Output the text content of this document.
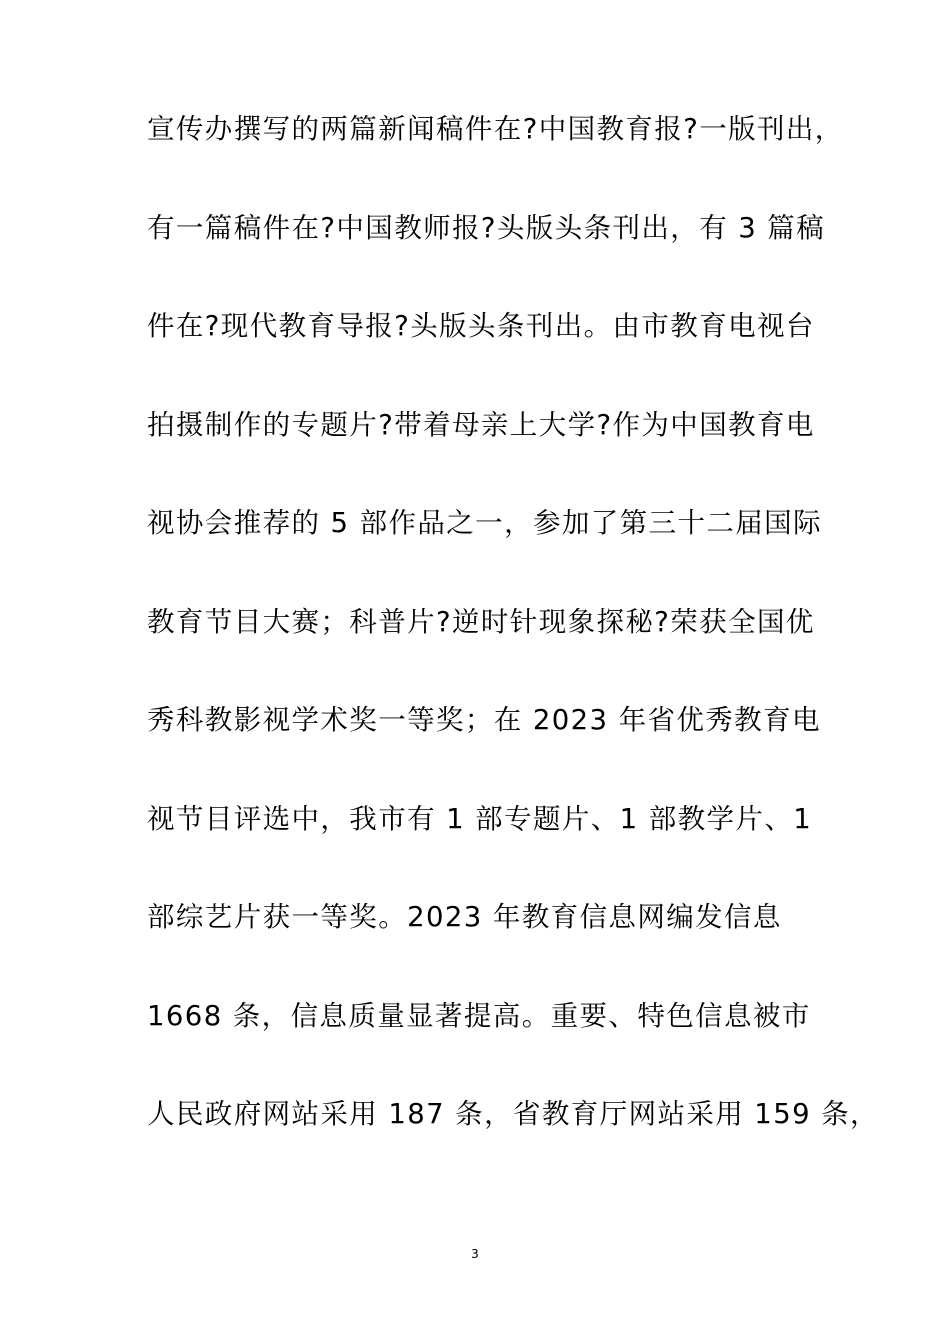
宣传办撰写的两篇新闻稿件在?中国教育报?一版刊出，
有一篇稿件在?中国教师报?头版头条刊出，有 3 篇稿
件在?现代教育导报?头版头条刊出。由市教育电视台
拍摄制作的专题片?带着母亲上大学?作为中国教育电
视协会推荐的 5 部作品之一，参加了第三十二届国际
教育节目大赛；科普片?逆时针现象探秘?荣获全国优
秀科教影视学术奖一等奖；在 2023 年省优秀教育电
视节目评选中，我市有 1 部专题片、1 部教学片、1
部综艺片获一等奖。2023 年教育信息网编发信息
1668 条，信息质量显著提高。重要、特色信息被市
人民政府网站采用 187 条，省教育厅网站采用 159 条，
3
